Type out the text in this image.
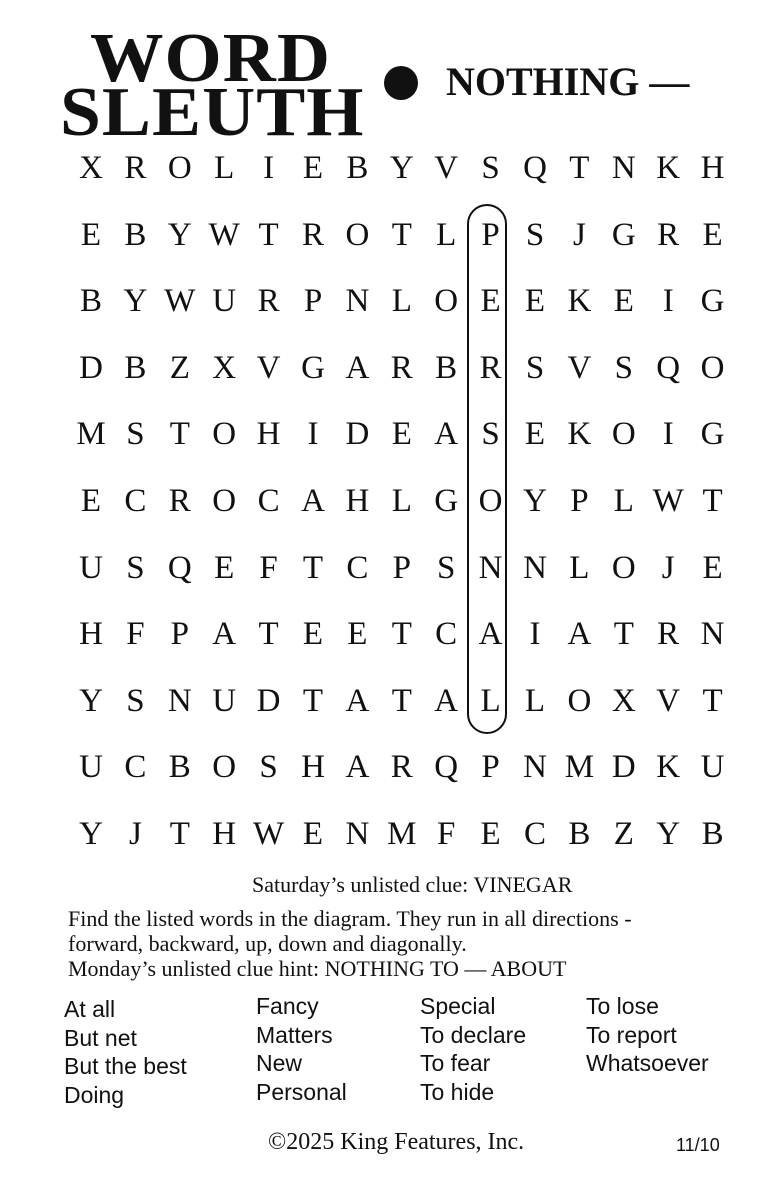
WORD
SLEUTH NOTHING —
X R O L I E B Y V S Q T N K H
E B Y W T R O T L P S J G R E
B Y W U R P N L O E E K E I G
D B Z X V G A R B R S V S Q O
M S T O H I D E A S E K O I G
E C R O C A H L G O Y P L W T
U S Q E F T C P S N N L O J E
H F P A T E E T C A I A T R N
Y S N U D T A T A L L O X V T
U C B O S H A R Q P N M D K U
Y J T H W E N M F E C B Z Y B
Saturday’s unlisted clue: VINEGAR
Find the listed words in the diagram. They run in all directions -
forward, backward, up, down and diagonally.
Monday’s unlisted clue hint: NOTHING TO — ABOUT
At all
But net
But the best
Doing
Fancy
Matters
New
Personal
Special
To declare
To fear
To hide
To lose
To report
Whatsoever
©2025 King Features, Inc.	11/10
